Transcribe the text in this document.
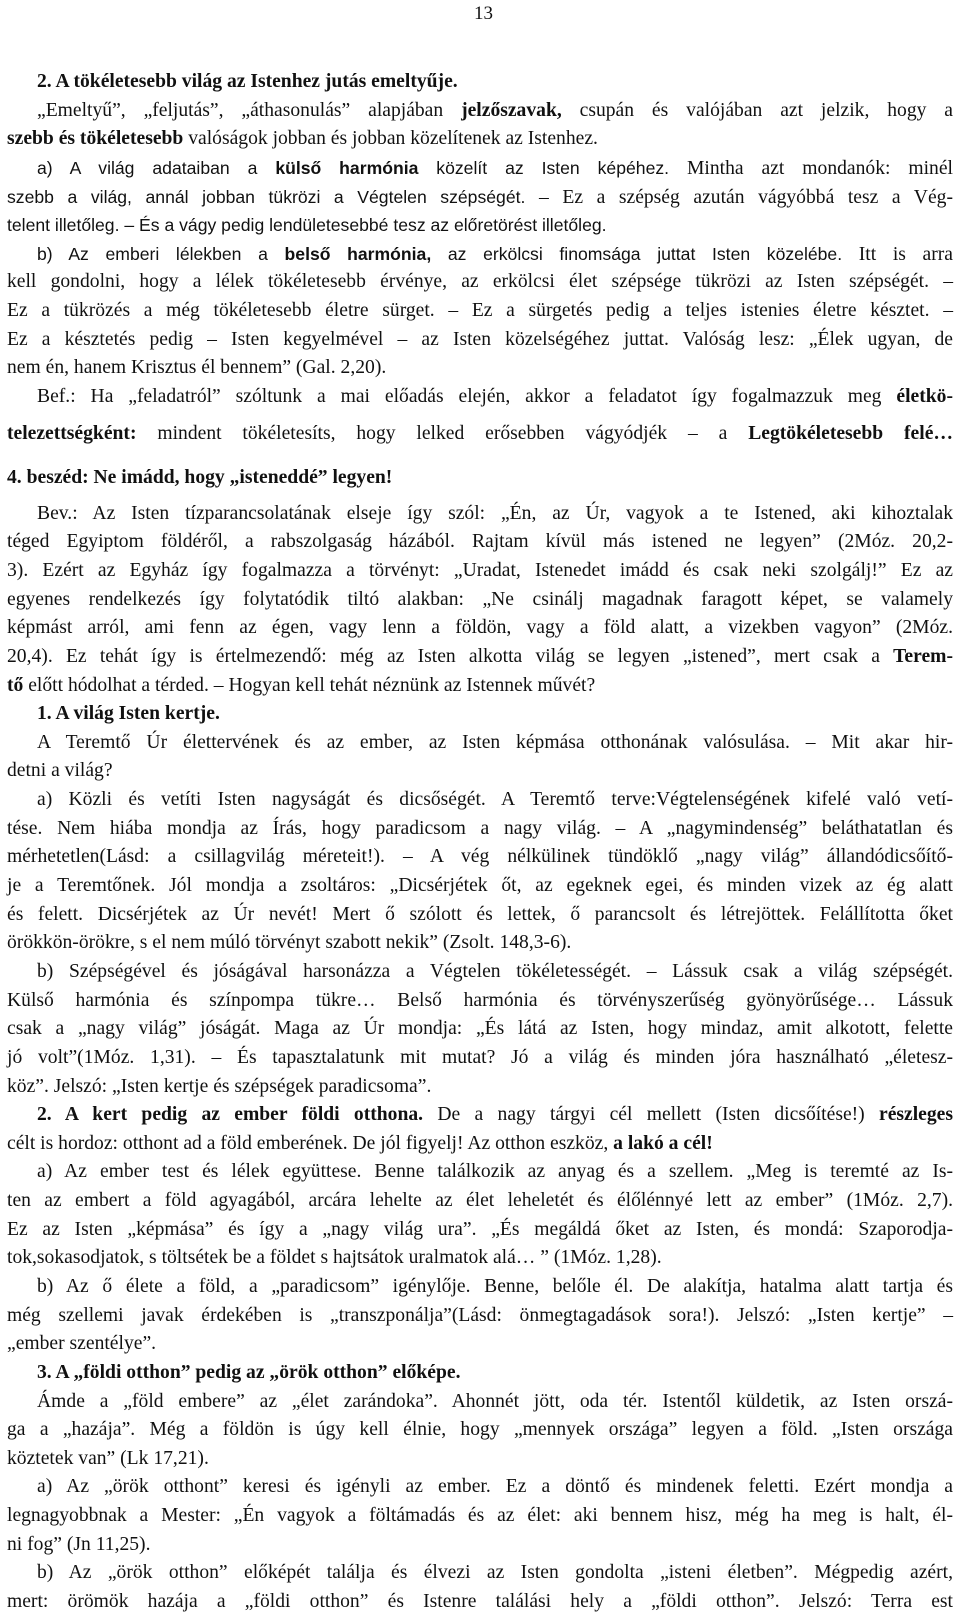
13
2. A tökéletesebb világ az Istenhez jutás emeltyűje.
„Emeltyű”, „feljutás”, „áthasonulás” alapjában jelzőszavak, csupán és valójában azt jelzik, hogy a
szebb és tökéletesebb valóságok jobban és jobban közelítenek az Istenhez.
a) A világ adataiban a külső harmónia közelít az Isten képéhez. Mintha azt mondanók: minél
szebb a világ, annál jobban tükrözi a Végtelen szépségét. – Ez a szépség azután vágyóbbá tesz a Vég-
telent illetőleg. – És a vágy pedig lendületesebbé tesz az előretörést illetőleg.
b) Az emberi lélekben a belső harmónia, az erkölcsi finomsága juttat Isten közelébe. Itt is arra
kell gondolni, hogy a lélek tökéletesebb érvénye, az erkölcsi élet szépsége tükrözi az Isten szépségét. –
Ez a tükrözés a még tökéletesebb életre sürget. – Ez a sürgetés pedig a teljes istenies életre késztet. –
Ez a késztetés pedig – Isten kegyelmével – az Isten közelségéhez juttat. Valóság lesz: „Élek ugyan, de
nem én, hanem Krisztus él bennem” (Gal. 2,20).
Bef.: Ha „feladatról” szóltunk a mai előadás elején, akkor a feladatot így fogalmazzuk meg életkö-
telezettségként: mindent tökéletesíts, hogy lelked erősebben vágyódjék – a Legtökéletesebb felé…
4. beszéd: Ne imádd, hogy „isteneddé” legyen!
Bev.: Az Isten tízparancsolatának elseje így szól: „Én, az Úr, vagyok a te Istened, aki kihoztalak
téged Egyiptom földéről, a rabszolgaság házából. Rajtam kívül más istened ne legyen” (2Móz. 20,2-
3). Ezért az Egyház így fogalmazza a törvényt: „Uradat, Istenedet imádd és csak neki szolgálj!” Ez az
egyenes rendelkezés így folytatódik tiltó alakban: „Ne csinálj magadnak faragott képet, se valamely
képmást arról, ami fenn az égen, vagy lenn a földön, vagy a föld alatt, a vizekben vagyon” (2Móz.
20,4). Ez tehát így is értelmezendő: még az Isten alkotta világ se legyen „istened”, mert csak a Terem-
tő előtt hódolhat a térded. – Hogyan kell tehát néznünk az Istennek művét?
1. A világ Isten kertje.
A Teremtő Úr élettervének és az ember, az Isten képmása otthonának valósulása. – Mit akar hir-
detni a világ?
a) Közli és vetíti Isten nagyságát és dicsőségét. A Teremtő terve:Végtelenségének kifelé való vetí-
tése. Nem hiába mondja az Írás, hogy paradicsom a nagy világ. – A „nagymindenség” beláthatatlan és
mérhetetlen(Lásd: a csillagvilág méreteit!). – A vég nélkülinek tündöklő „nagy világ” állandódicsőítő-
je a Teremtőnek. Jól mondja a zsoltáros: „Dicsérjétek őt, az egeknek egei, és minden vizek az ég alatt
és felett. Dicsérjétek az Úr nevét! Mert ő szólott és lettek, ő parancsolt és létrejöttek. Felállította őket
örökkön-örökre, s el nem múló törvényt szabott nekik” (Zsolt. 148,3-6).
b) Szépségével és jóságával harsonázza a Végtelen tökéletességét. – Lássuk csak a világ szépségét.
Külső harmónia és színpompa tükre… Belső harmónia és törvényszerűség gyönyörűsége… Lássuk
csak a „nagy világ” jóságát. Maga az Úr mondja: „És látá az Isten, hogy mindaz, amit alkotott, felette
jó volt”(1Móz. 1,31). – És tapasztalatunk mit mutat? Jó a világ és minden jóra használható „életesz-
köz”. Jelszó: „Isten kertje és szépségek paradicsoma”.
2. A kert pedig az ember földi otthona. De a nagy tárgyi cél mellett (Isten dicsőítése!) részleges
célt is hordoz: otthont ad a föld emberének. De jól figyelj! Az otthon eszköz, a lakó a cél!
a) Az ember test és lélek együttese. Benne találkozik az anyag és a szellem. „Meg is teremté az Is-
ten az embert a föld agyagából, arcára lehelte az élet leheletét és élőlénnyé lett az ember” (1Móz. 2,7).
Ez az Isten „képmása” és így a „nagy világ ura”. „És megáldá őket az Isten, és mondá: Szaporodja-
tok,sokasodjatok, s töltsétek be a földet s hajtsátok uralmatok alá… ” (1Móz. 1,28).
b) Az ő élete a föld, a „paradicsom” igénylője. Benne, belőle él. De alakítja, hatalma alatt tartja és
még szellemi javak érdekében is „transzponálja”(Lásd: önmegtagadások sora!). Jelszó: „Isten kertje” –
„ember szentélye”.
3. A „földi otthon” pedig az „örök otthon” előképe.
Ámde a „föld embere” az „élet zarándoka”. Ahonnét jött, oda tér. Istentől küldetik, az Isten orszá-
ga a „hazája”. Még a földön is úgy kell élnie, hogy „mennyek országa” legyen a föld. „Isten országa
köztetek van” (Lk 17,21).
a) Az „örök otthont” keresi és igényli az ember. Ez a döntő és mindenek feletti. Ezért mondja a
legnagyobbnak a Mester: „Én vagyok a föltámadás és az élet: aki bennem hisz, még ha meg is halt, él-
ni fog” (Jn 11,25).
b) Az „örök otthon” előképét találja és élvezi az Isten gondolta „isteni életben”. Mégpedig azért,
mert: örömök hazája a „földi otthon” és Istenre találási hely a „földi otthon”. Jelszó: Terra est
